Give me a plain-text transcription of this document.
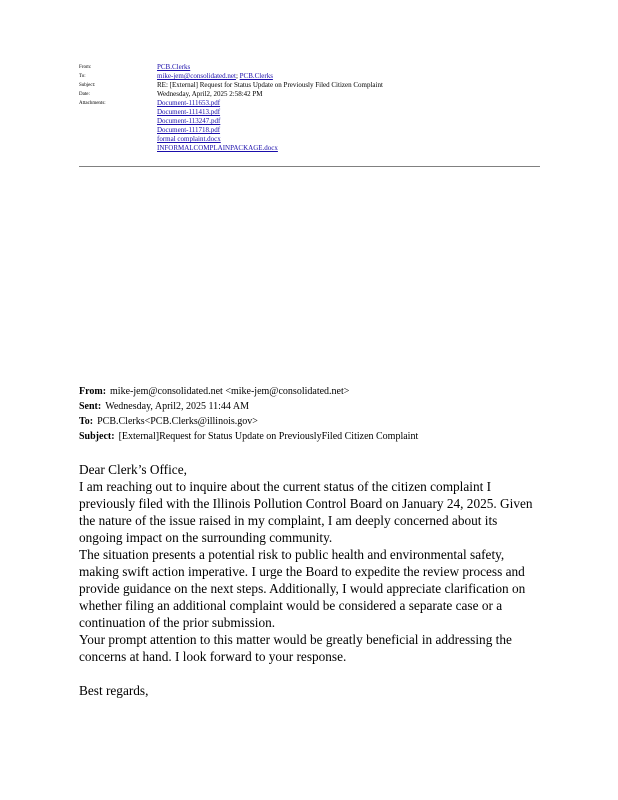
From:	PCB.Clerks
To:	mike-jem@consolidated.net; PCB.Clerks
Subject:	RE: [External] Request for Status Update on Previously Filed Citizen Complaint
Date:	Wednesday, April2, 2025 2:58:42 PM
Attachments:	Document-111653.pdf
Document-111413.pdf
Document-113247.pdf
Document-111718.pdf
formal complaint.docx
INFORMALCOMPLAINPACKAGE.docx
From: mike-jem@consolidated.net <mike-jem@consolidated.net>
Sent: Wednesday, April2, 2025 11:44 AM
To: PCB.Clerks<PCB.Clerks@illinois.gov>
Subject: [External]Request for Status Update on PreviouslyFiled Citizen Complaint

Dear Clerk’s Office,

I am reaching out to inquire about the current status of the citizen complaint I previously filed with the Illinois Pollution Control Board on January 24, 2025. Given the nature of the issue raised in my complaint, I am deeply concerned about its ongoing impact on the surrounding community.

The situation presents a potential risk to public health and environmental safety, making swift action imperative. I urge the Board to expedite the review process and provide guidance on the next steps. Additionally, I would appreciate clarification on whether filing an additional complaint would be considered a separate case or a continuation of the prior submission.

Your prompt attention to this matter would be greatly beneficial in addressing the concerns at hand. I look forward to your response.

Best regards,
